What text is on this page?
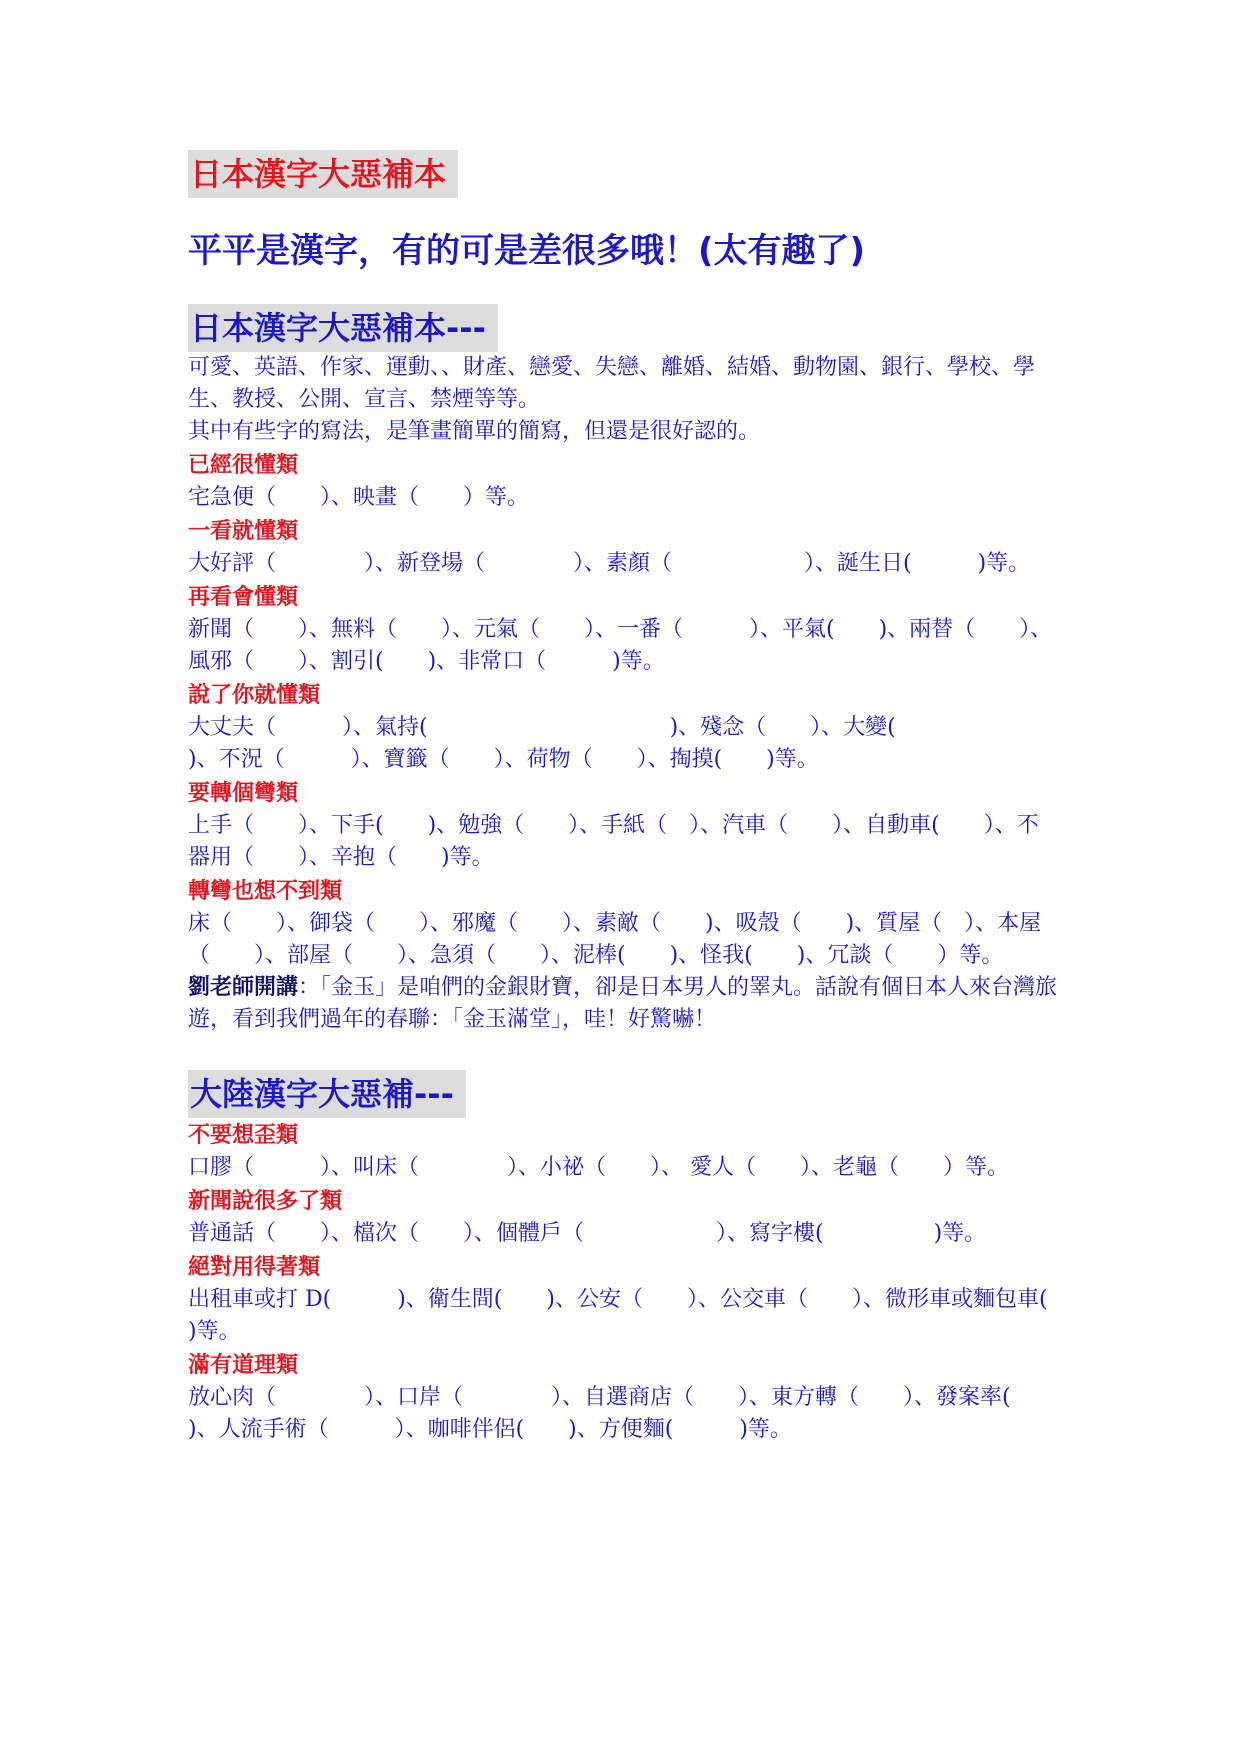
日本漢字大惡補本
平平是漢字，有的可是差很多哦！(太有趣了)
日本漢字大惡補本---

可愛、英語、作家、運動、、財產、戀愛、失戀、離婚、結婚、動物園、銀行、學校、學生、教授、公開、宣言、禁煙等等。

其中有些字的寫法，是筆畫簡單的簡寫，但還是很好認的。

已經很懂類

宅急便（　　）、映畫（　　）等。

一看就懂類

大好評（　　　　）、新登場（　　　　）、素顏（　　　　　　）、誕生日(　　　)等。

再看會懂類

新聞（　　）、無料（　　）、元氣（　　）、一番（　　　）、平氣(　　)、兩替（　　）、風邪（　　）、割引(　　)、非常口（　　　)等。

說了你就懂類

大丈夫（　　　）、氣持(　　　　　　　　　　　)、殘念（　　）、大變(　　　　　　　)、不況（　　　）、寶籤（　　）、荷物（　　）、掏摸(　　)等。

要轉個彎類

上手（　　）、下手(　　)、勉強（　　）、手紙（　）、汽車（　　）、自動車(　　）、不器用（　　）、辛抱（　　)等。

轉彎也想不到類

床（　　）、御袋（　　）、邪魔（　　）、素敵（　　)、吸殼（　　)、質屋（　）、本屋（　　）、部屋（　　）、急須（　　）、泥棒(　　)、怪我(　　)、冗談（　　）等。

劉老師開講：「金玉」是咱們的金銀財寶，卻是日本男人的睪丸。話說有個日本人來台灣旅遊，看到我們過年的春聯：「金玉滿堂」，哇！好驚嚇！

大陸漢字大惡補---
不要想歪類

口膠（　　　）、叫床（　　　　）、小祕（　　）、 愛人（　　）、老龜（　　）等。

新聞說很多了類

普通話（　　）、檔次（　　）、個體戶（　　　　　　）、寫字樓(　　　　　)等。

絕對用得著類

出租車或打 D(　　　)、衛生間(　　)、公安（　　）、公交車（　　）、微形車或麵包車(　　　)等。

滿有道理類

放心肉（　　　　）、口岸（　　　　）、自選商店（　　）、東方轉（　　）、發案率(　　　)、人流手術（　　　）、咖啡伴侶(　　)、方便麵(　　　)等。
